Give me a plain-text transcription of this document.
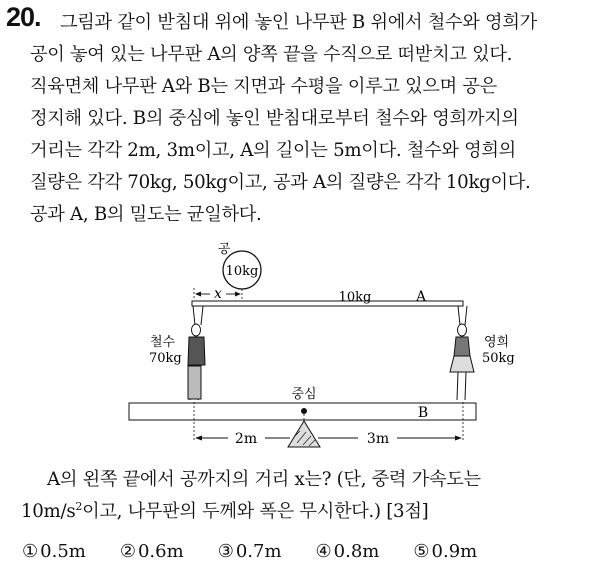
20. 그림과 같이 받침대 위에 놓인 나무판 B 위에서 철수와 영희가
공이 놓여 있는 나무판 A의 양쪽 끝을 수직으로 떠받치고 있다.
직육면체 나무판 A와 B는 지면과 수평을 이루고 있으며 공은
정지해 있다. B의 중심에 놓인 받침대로부터 철수와 영희까지의
거리는 각각 2m, 3m이고, A의 길이는 5m이다. 철수와 영희의
질량은 각각 70kg, 50kg이고, 공과 A의 질량은 각각 10kg이다.
공과 A, B의 밀도는 균일하다.
공
10kg
10kg	A
x
철수
70kg
영희
50kg
B
중심
2m	3m
A의 왼쪽 끝에서 공까지의 거리 x는? (단, 중력 가속도는
$10m/s^2$이고, 나무판의 두께와 폭은 무시한다.) [3점]
① 0.5m ② 0.6m ③ 0.7m ④ 0.8m ⑤ 0.9m
